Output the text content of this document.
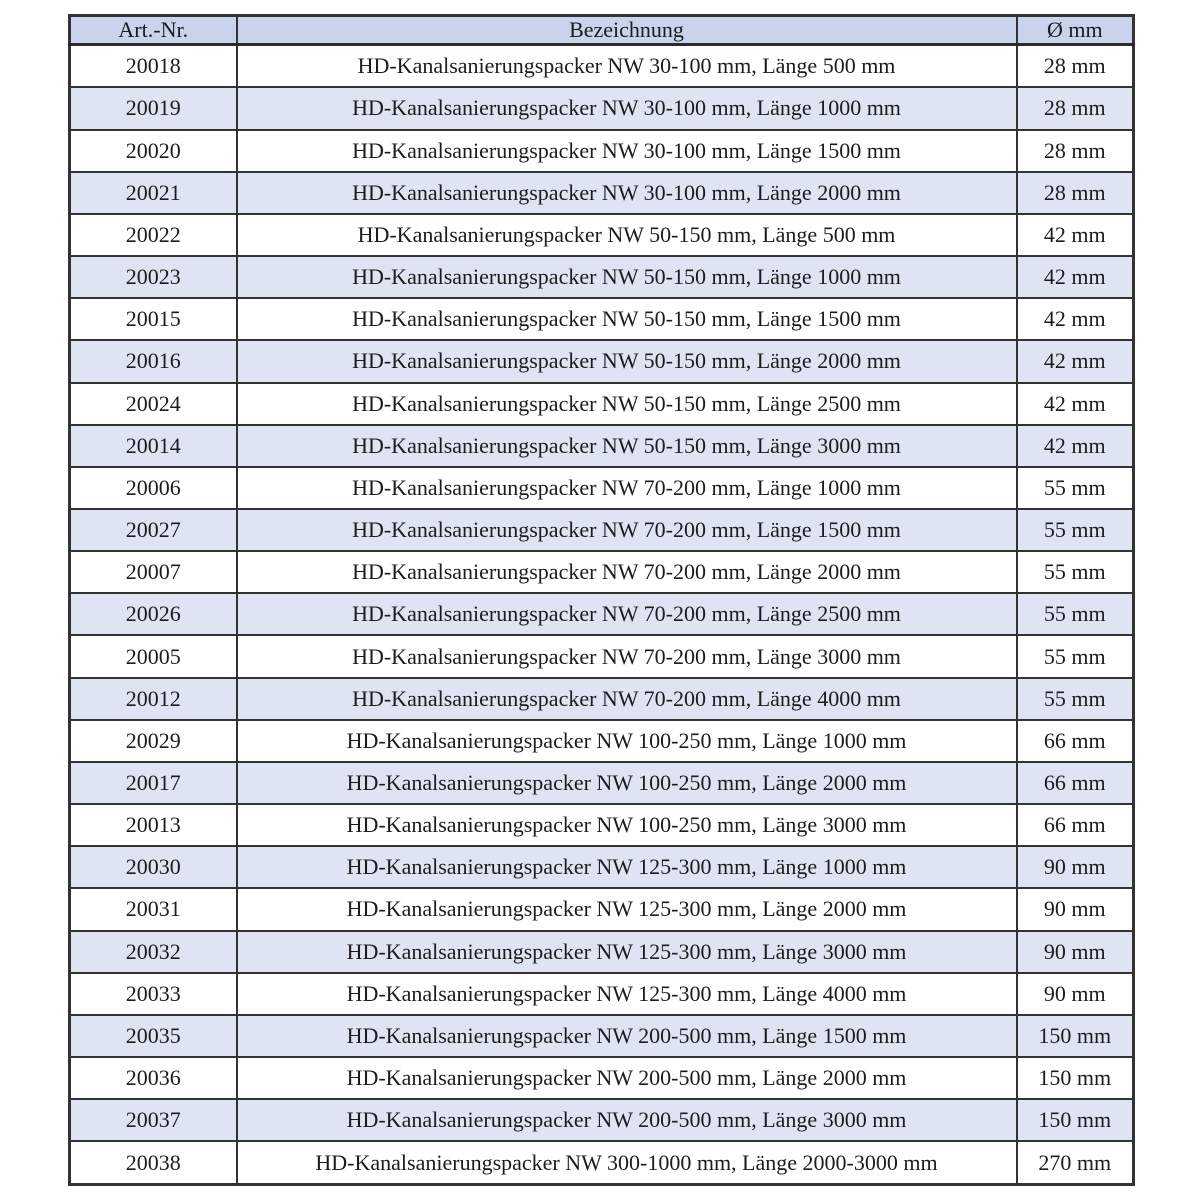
Art.-Nr.	Bezeichnung	Ø mm
20018	HD-Kanalsanierungspacker NW 30-100 mm, Länge 500 mm	28 mm
20019	HD-Kanalsanierungspacker NW 30-100 mm, Länge 1000 mm	28 mm
20020	HD-Kanalsanierungspacker NW 30-100 mm, Länge 1500 mm	28 mm
20021	HD-Kanalsanierungspacker NW 30-100 mm, Länge 2000 mm	28 mm
20022	HD-Kanalsanierungspacker NW 50-150 mm, Länge 500 mm	42 mm
20023	HD-Kanalsanierungspacker NW 50-150 mm, Länge 1000 mm	42 mm
20015	HD-Kanalsanierungspacker NW 50-150 mm, Länge 1500 mm	42 mm
20016	HD-Kanalsanierungspacker NW 50-150 mm, Länge 2000 mm	42 mm
20024	HD-Kanalsanierungspacker NW 50-150 mm, Länge 2500 mm	42 mm
20014	HD-Kanalsanierungspacker NW 50-150 mm, Länge 3000 mm	42 mm
20006	HD-Kanalsanierungspacker NW 70-200 mm, Länge 1000 mm	55 mm
20027	HD-Kanalsanierungspacker NW 70-200 mm, Länge 1500 mm	55 mm
20007	HD-Kanalsanierungspacker NW 70-200 mm, Länge 2000 mm	55 mm
20026	HD-Kanalsanierungspacker NW 70-200 mm, Länge 2500 mm	55 mm
20005	HD-Kanalsanierungspacker NW 70-200 mm, Länge 3000 mm	55 mm
20012	HD-Kanalsanierungspacker NW 70-200 mm, Länge 4000 mm	55 mm
20029	HD-Kanalsanierungspacker NW 100-250 mm, Länge 1000 mm	66 mm
20017	HD-Kanalsanierungspacker NW 100-250 mm, Länge 2000 mm	66 mm
20013	HD-Kanalsanierungspacker NW 100-250 mm, Länge 3000 mm	66 mm
20030	HD-Kanalsanierungspacker NW 125-300 mm, Länge 1000 mm	90 mm
20031	HD-Kanalsanierungspacker NW 125-300 mm, Länge 2000 mm	90 mm
20032	HD-Kanalsanierungspacker NW 125-300 mm, Länge 3000 mm	90 mm
20033	HD-Kanalsanierungspacker NW 125-300 mm, Länge 4000 mm	90 mm
20035	HD-Kanalsanierungspacker NW 200-500 mm, Länge 1500 mm	150 mm
20036	HD-Kanalsanierungspacker NW 200-500 mm, Länge 2000 mm	150 mm
20037	HD-Kanalsanierungspacker NW 200-500 mm, Länge 3000 mm	150 mm
20038	HD-Kanalsanierungspacker NW 300-1000 mm, Länge 2000-3000 mm	270 mm
